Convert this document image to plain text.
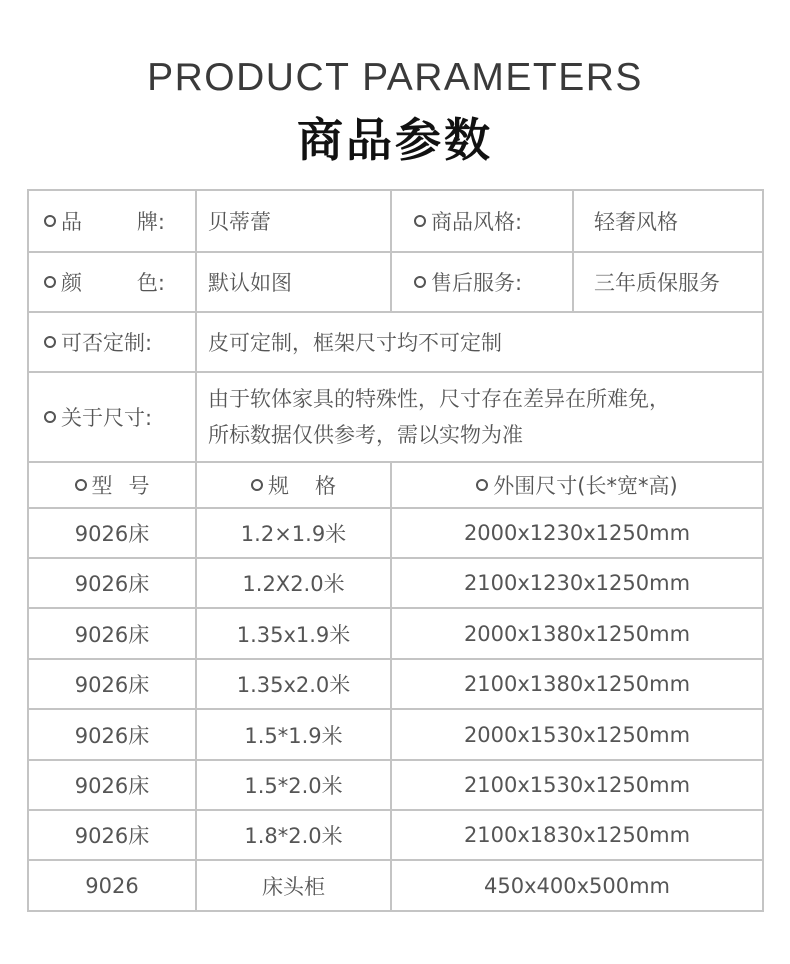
PRODUCT PARAMETERS
商品参数
品	牌:	贝蒂蕾	商品风格:	轻奢风格
颜	色:	默认如图	售后服务:	三年质保服务
可否定制:	皮可定制，框架尺寸均不可定制
关于尺寸:
由于软体家具的特殊性，尺寸存在差异在所难免，
所标数据仅供参考，需以实物为准
型 号	规 格	外围尺寸(长*宽*高)
9026床	1.2×1.9米	2000x1230x1250mm
9026床	1.2X2.0米	2100x1230x1250mm
9026床	1.35x1.9米	2000x1380x1250mm
9026床	1.35x2.0米	2100x1380x1250mm
9026床	1.5*1.9米	2000x1530x1250mm
9026床	1.5*2.0米	2100x1530x1250mm
9026床	1.8*2.0米	2100x1830x1250mm
9026	床头柜	450x400x500mm
